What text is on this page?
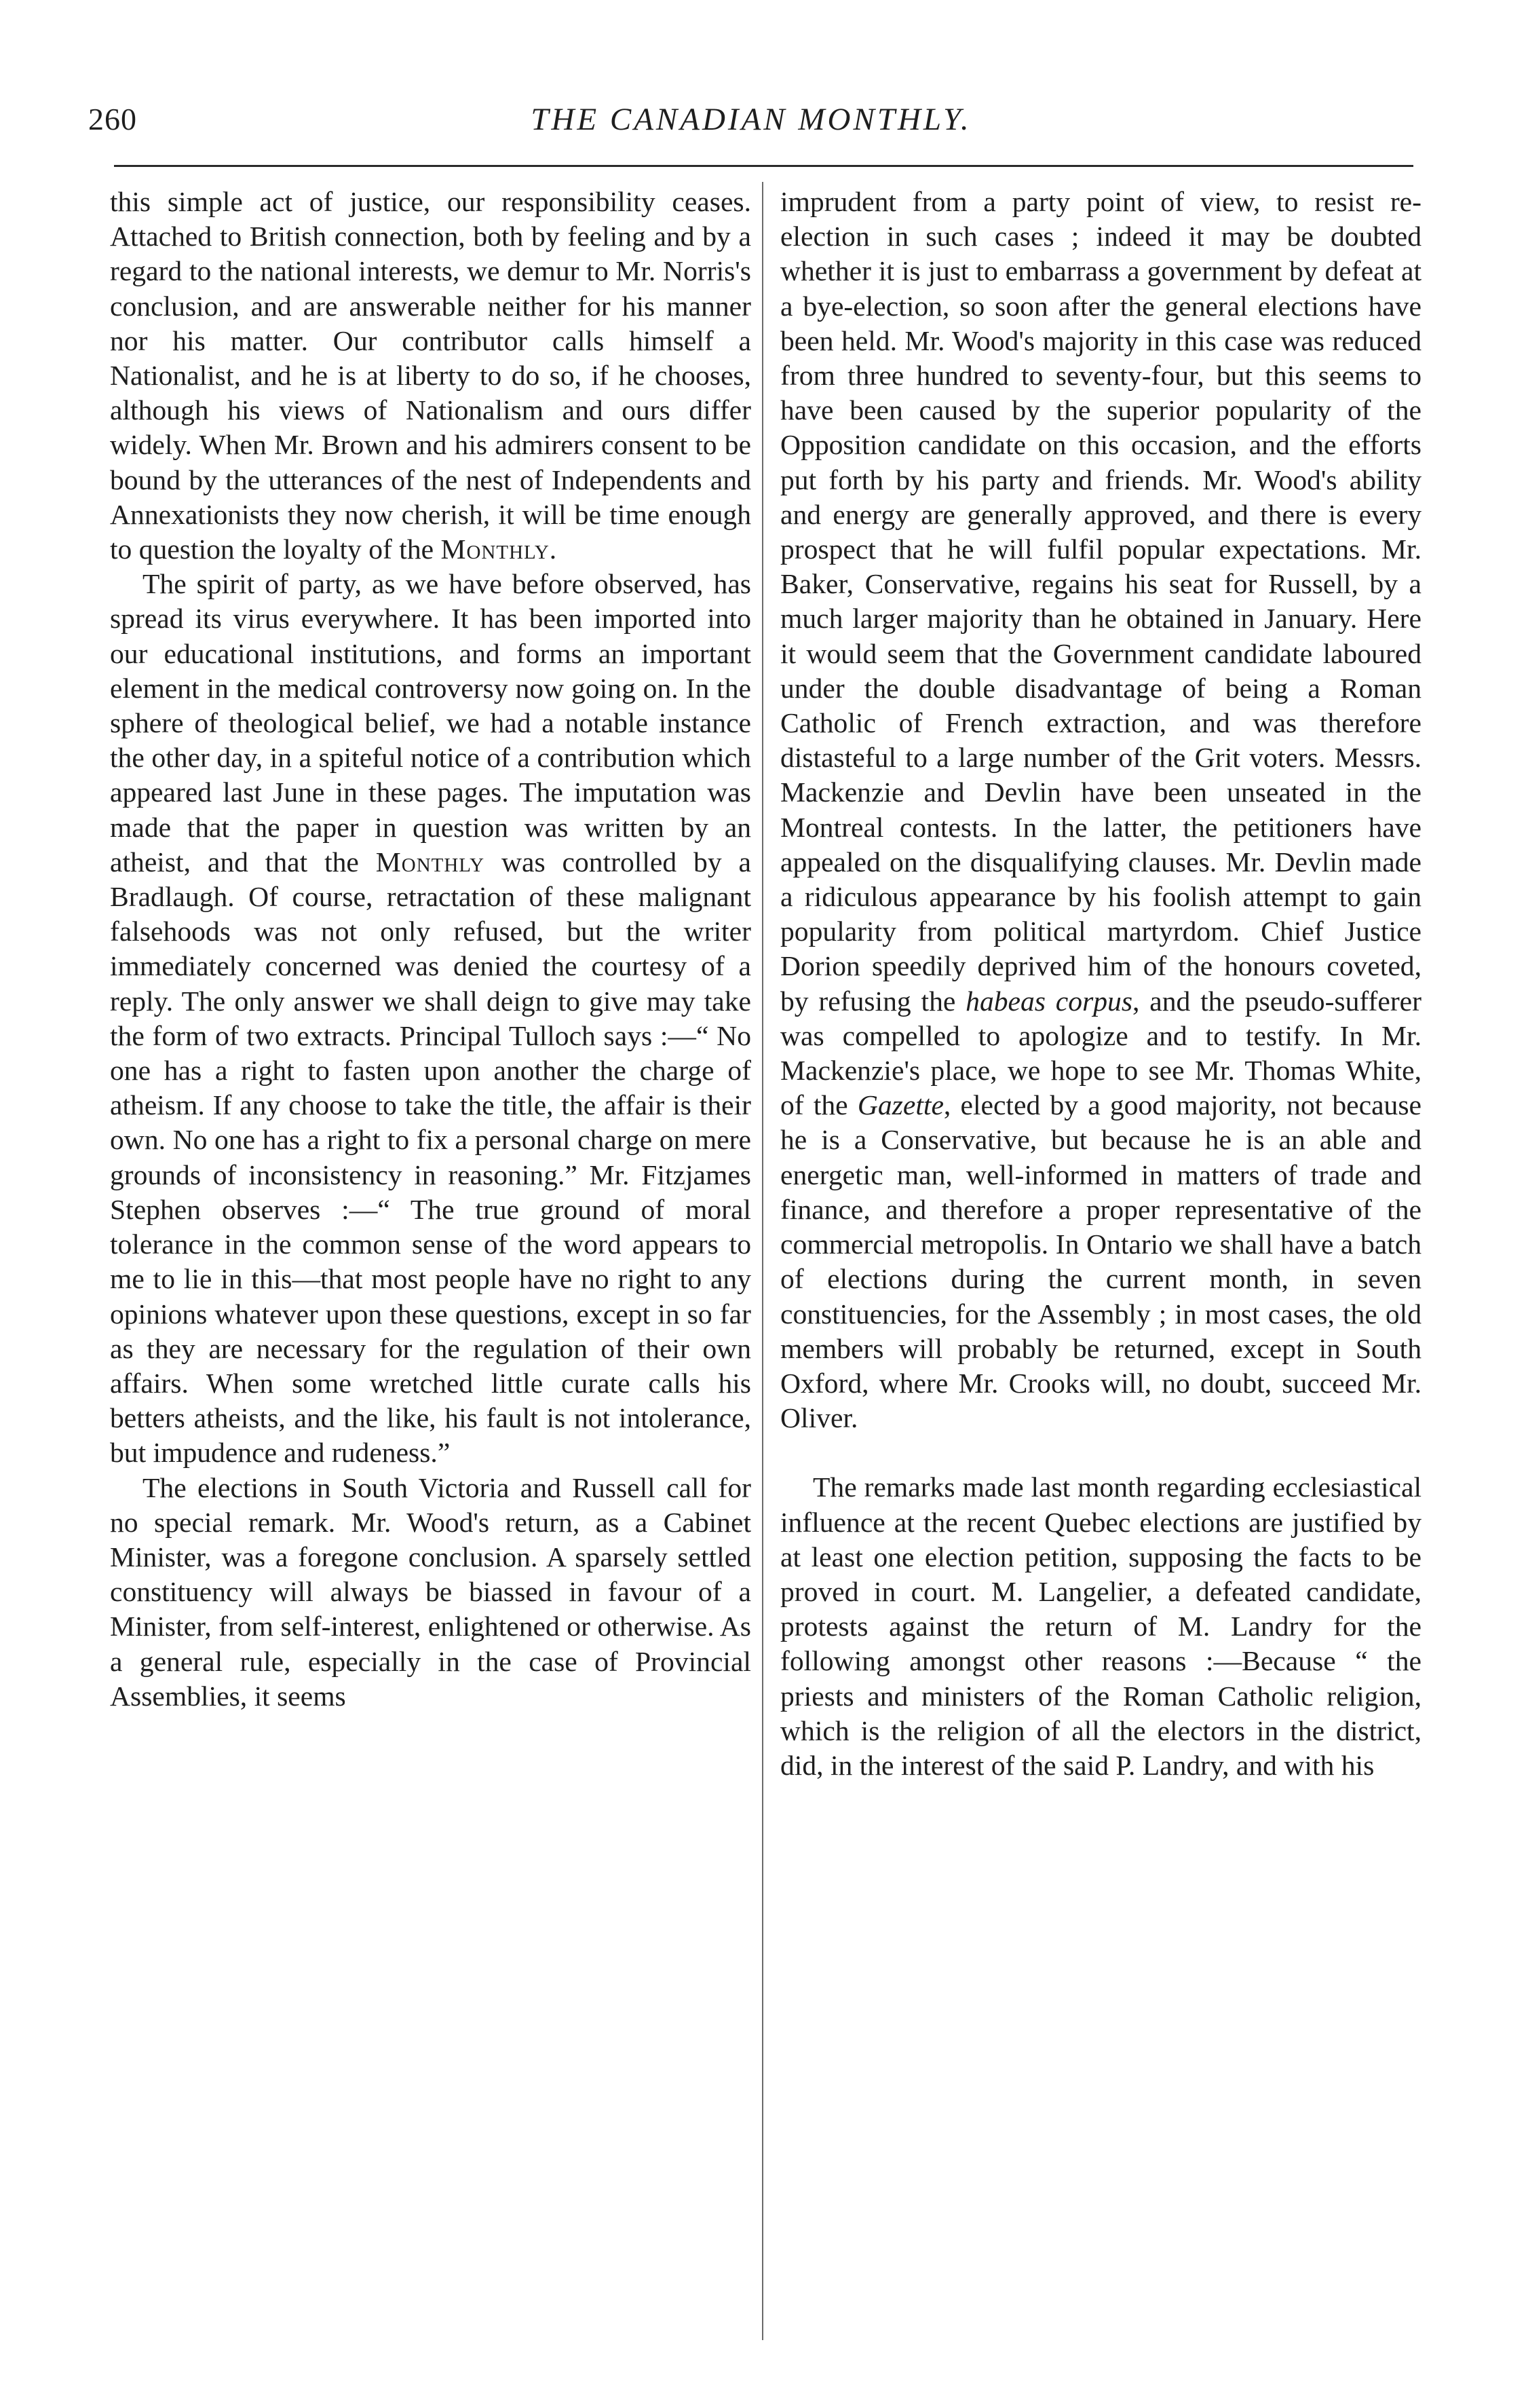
260	THE CANADIAN MONTHLY.

this simple act of justice, our responsibility ceases. Attached to British connection, both by feeling and by a regard to the national interests, we demur to Mr. Norris's conclusion, and are answerable neither for his manner nor his matter. Our contributor calls himself a Nationalist, and he is at liberty to do so, if he chooses, although his views of Nationalism and ours differ widely. When Mr. Brown and his admirers consent to be bound by the utterances of the nest of Independents and Annexationists they now cherish, it will be time enough to question the loyalty of the Monthly.

The spirit of party, as we have before observed, has spread its virus everywhere. It has been imported into our educational institutions, and forms an important element in the medical controversy now going on. In the sphere of theological belief, we had a notable instance the other day, in a spiteful notice of a contribution which appeared last June in these pages. The imputation was made that the paper in question was written by an atheist, and that the Monthly was controlled by a Bradlaugh. Of course, retractation of these malignant falsehoods was not only refused, but the writer immediately concerned was denied the courtesy of a reply. The only answer we shall deign to give may take the form of two extracts. Principal Tulloch says :—“ No one has a right to fasten upon another the charge of atheism. If any choose to take the title, the affair is their own. No one has a right to fix a personal charge on mere grounds of inconsistency in reasoning.” Mr. Fitzjames Stephen observes :—“ The true ground of moral tolerance in the common sense of the word appears to me to lie in this—that most people have no right to any opinions whatever upon these questions, except in so far as they are necessary for the regulation of their own affairs. When some wretched little curate calls his betters atheists, and the like, his fault is not intolerance, but impudence and rudeness.”

The elections in South Victoria and Russell call for no special remark. Mr. Wood's return, as a Cabinet Minister, was a foregone conclusion. A sparsely settled constituency will always be biassed in favour of a Minister, from self-interest, enlightened or otherwise. As a general rule, especially in the case of Provincial Assemblies, it seems

imprudent from a party point of view, to resist re-election in such cases ; indeed it may be doubted whether it is just to embarrass a government by defeat at a bye-election, so soon after the general elections have been held. Mr. Wood's majority in this case was reduced from three hundred to seventy-four, but this seems to have been caused by the superior popularity of the Opposition candidate on this occasion, and the efforts put forth by his party and friends. Mr. Wood's ability and energy are generally approved, and there is every prospect that he will fulfil popular expectations. Mr. Baker, Conservative, regains his seat for Russell, by a much larger majority than he obtained in January. Here it would seem that the Government candidate laboured under the double disadvantage of being a Roman Catholic of French extraction, and was therefore distasteful to a large number of the Grit voters. Messrs. Mackenzie and Devlin have been unseated in the Montreal contests. In the latter, the petitioners have appealed on the disqualifying clauses. Mr. Devlin made a ridiculous appearance by his foolish attempt to gain popularity from political martyrdom. Chief Justice Dorion speedily deprived him of the honours coveted, by refusing the habeas corpus, and the pseudo-sufferer was compelled to apologize and to testify. In Mr. Mackenzie's place, we hope to see Mr. Thomas White, of the Gazette, elected by a good majority, not because he is a Conservative, but because he is an able and energetic man, well-informed in matters of trade and finance, and therefore a proper representative of the commercial metropolis. In Ontario we shall have a batch of elections during the current month, in seven constituencies, for the Assembly ; in most cases, the old members will probably be returned, except in South Oxford, where Mr. Crooks will, no doubt, succeed Mr. Oliver.

The remarks made last month regarding ecclesiastical influence at the recent Quebec elections are justified by at least one election petition, supposing the facts to be proved in court. M. Langelier, a defeated candidate, protests against the return of M. Landry for the following amongst other reasons :—Because “ the priests and ministers of the Roman Catholic religion, which is the religion of all the electors in the district, did, in the interest of the said P. Landry, and with his
